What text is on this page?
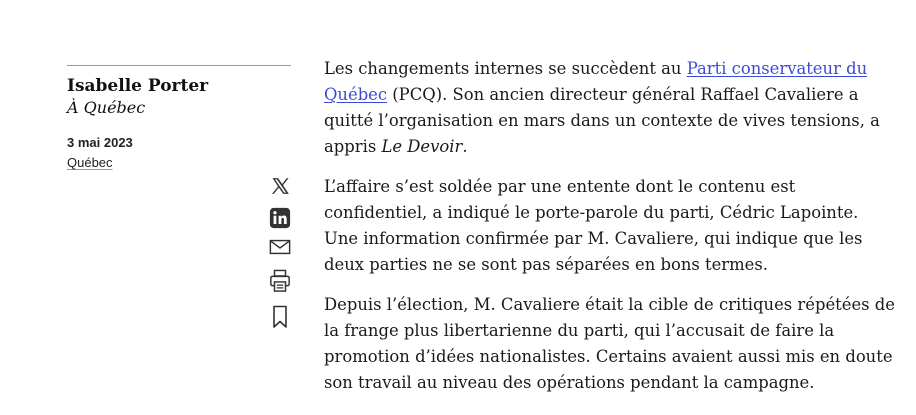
Isabelle Porter
À Québec
3 mai 2023
Québec

Les changements internes se succèdent au Parti conservateur du Québec (PCQ). Son ancien directeur général Raffael Cavaliere a quitté l’organisation en mars dans un contexte de vives tensions, a appris Le Devoir.

L’affaire s’est soldée par une entente dont le contenu est confidentiel, a indiqué le porte-parole du parti, Cédric Lapointe. Une information confirmée par M. Cavaliere, qui indique que les deux parties ne se sont pas séparées en bons termes.

Depuis l’élection, M. Cavaliere était la cible de critiques répétées de la frange plus libertarienne du parti, qui l’accusait de faire la promotion d’idées nationalistes. Certains avaient aussi mis en doute son travail au niveau des opérations pendant la campagne.
